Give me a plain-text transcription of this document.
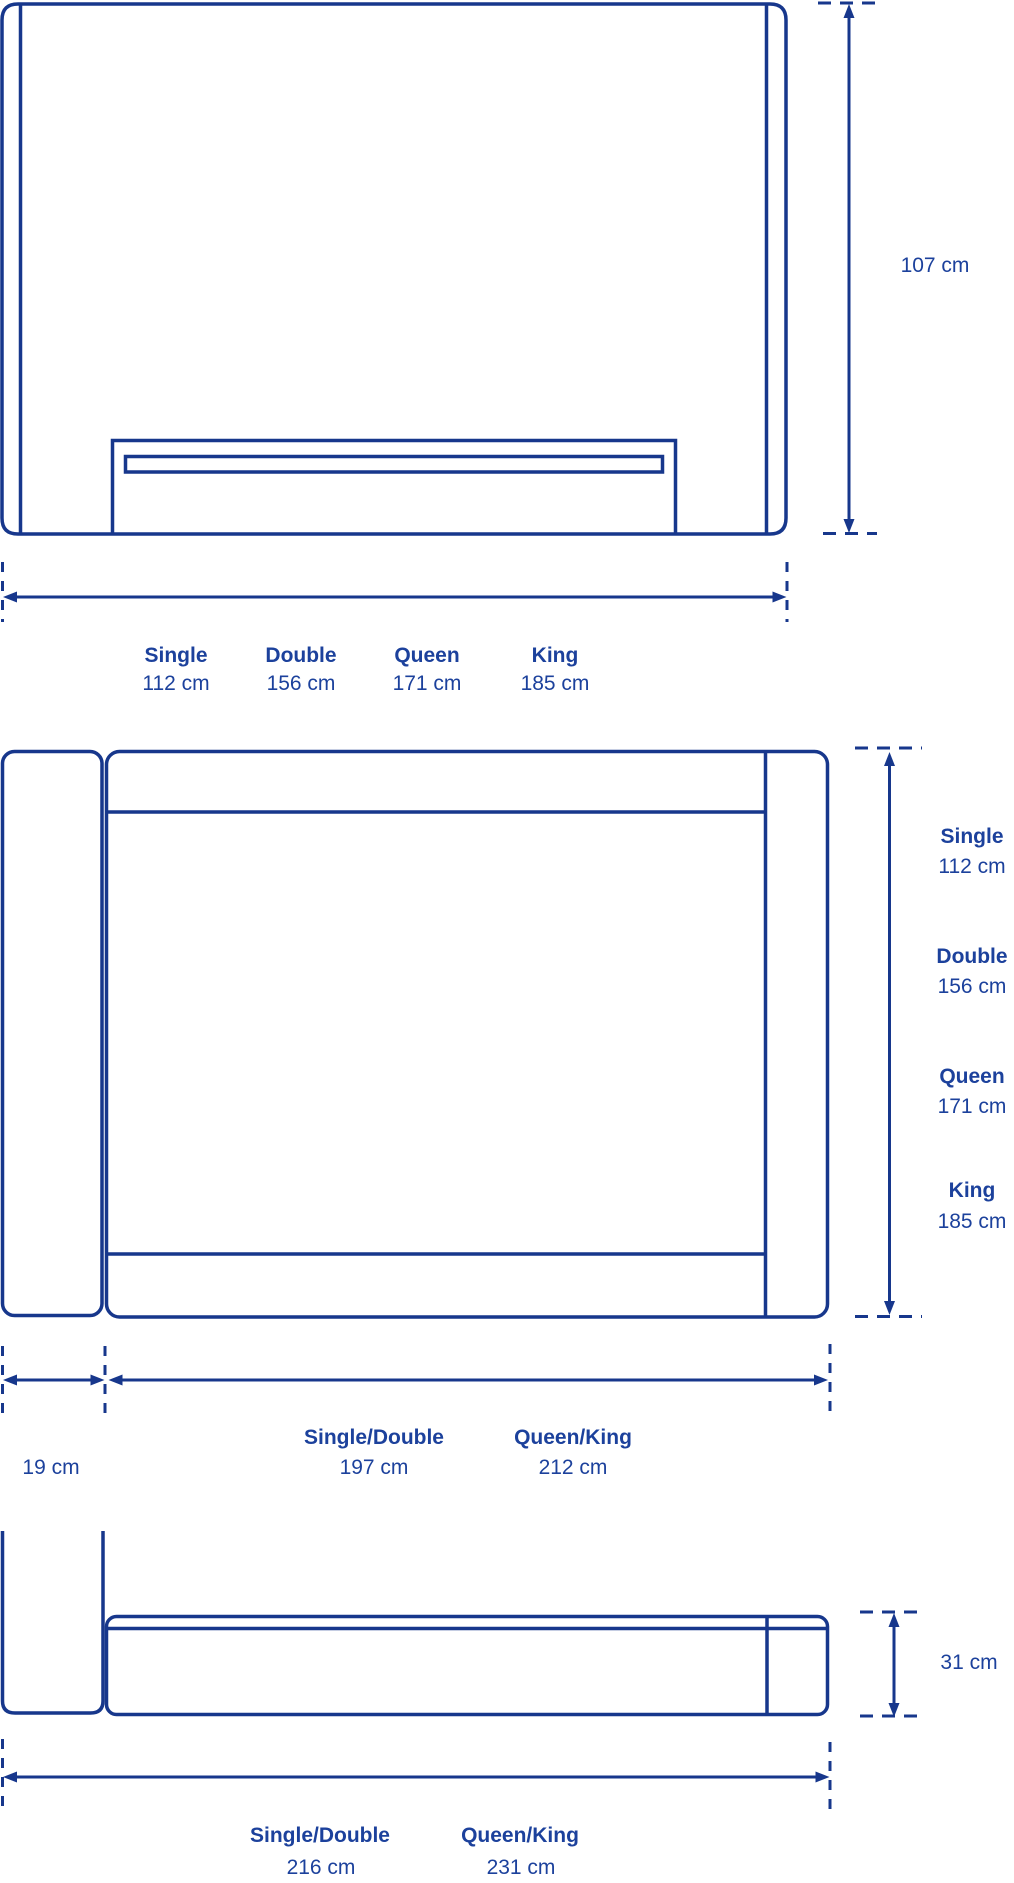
107 cm
Single
112 cm
Double
156 cm
Queen
171 cm
King
185 cm
Single
112 cm
Double
156 cm
Queen
171 cm
King
185 cm
19 cm
Single/Double
197 cm
Queen/King
212 cm
31 cm
Single/Double
216 cm
Queen/King
231 cm
